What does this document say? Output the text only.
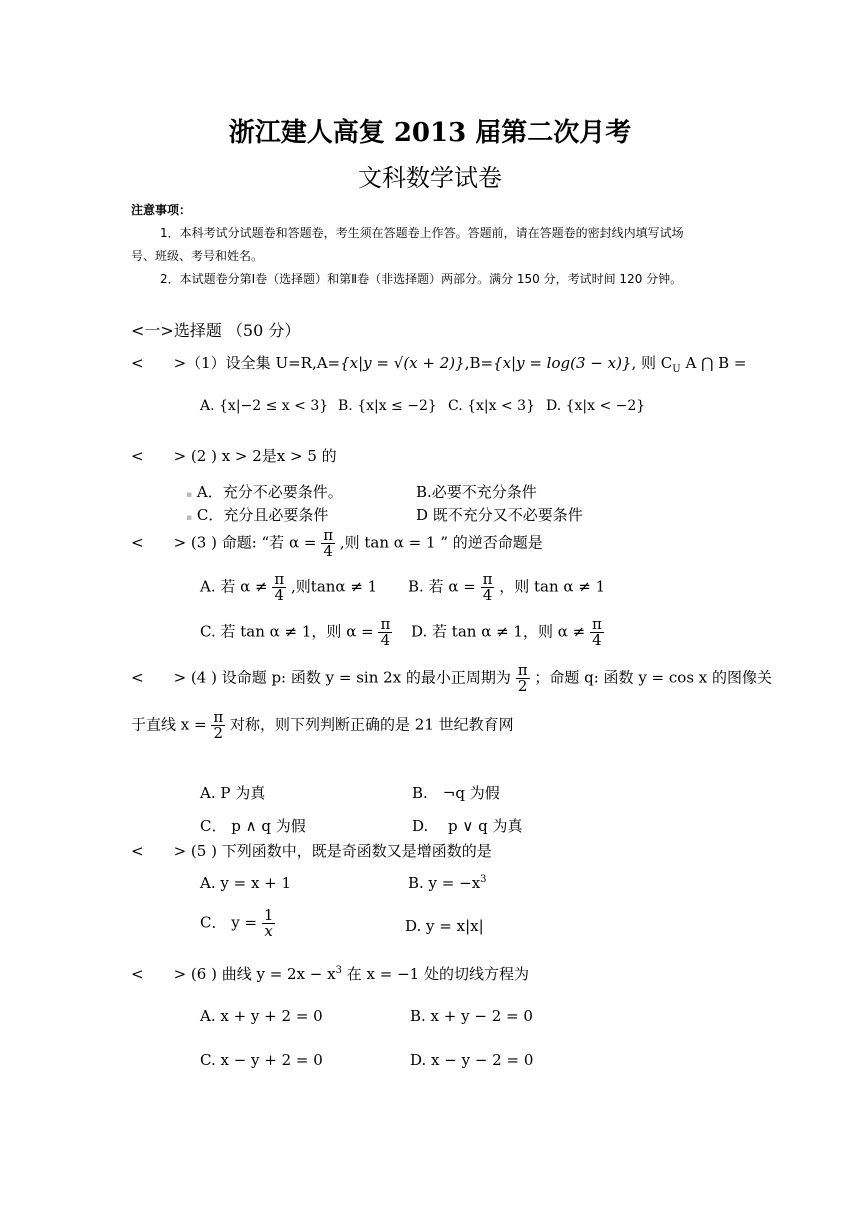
浙江建人高复 2013 届第二次月考
文科数学试卷
注意事项：
1．本科考试分试题卷和答题卷，考生须在答题卷上作答。答题前，请在答题卷的密封线内填写试场
号、班级、考号和姓名。
2．本试题卷分第Ⅰ卷（选择题）和第Ⅱ卷（非选择题）两部分。满分 150 分，考试时间 120 分钟。
<一>选择题 （50 分）
<　　>（1）设全集 U=R,A={x|y = √(x + 2)},B={x|y = log(3 − x)}, 则 $C_U$ A ⋂ B =
A. {x|−2 ≤ x < 3} B. {x|x ≤ −2} C. {x|x < 3} D. {x|x < −2}
<　　> (2 ) x > 2是x > 5 的
▪ A．充分不必要条件。	B.必要不充分条件
▪ C．充分且必要条件	D 既不充分又不必要条件
<　　> (3 ) 命题: “若 $\alpha = \frac{\pi}{4}$ ,则 tan α = 1 ” 的逆否命题是
A. 若 $\alpha \ne \frac{\pi}{4}$ ,则tanα ≠ 1 B. 若 $\alpha = \frac{\pi}{4}$ ，则 tan α ≠ 1
C. 若 tan α ≠ 1，则 $\alpha = \frac{\pi}{4} D$. 若 tan α ≠ 1，则 $\alpha \ne \frac{\pi}{4}$
<　　> (4 ) 设命题 p: 函数 y = sin 2x 的最小正周期为 $\frac{\pi}{2}$ ；命题 q: 函数 y = cos x 的图像关
于直线 $x = \frac{\pi}{2}$ 对称，则下列判断正确的是 21 世纪教育网
A. P 为真	B.　¬q 为假
C． p ∧ q 为假	D.　 p ∨ q 为真
<　　> (5 ) 下列函数中，既是奇函数又是增函数的是
A. y = x + 1	B. $y = -x^3$
C． $y = \frac{1}{x}$	D. y = x|x|
<　　> (6 ) 曲线 $y = 2x - x^3$ 在 x = −1 处的切线方程为
A. x + y + 2 = 0	B. x + y − 2 = 0
C. x − y + 2 = 0	D. x − y − 2 = 0
